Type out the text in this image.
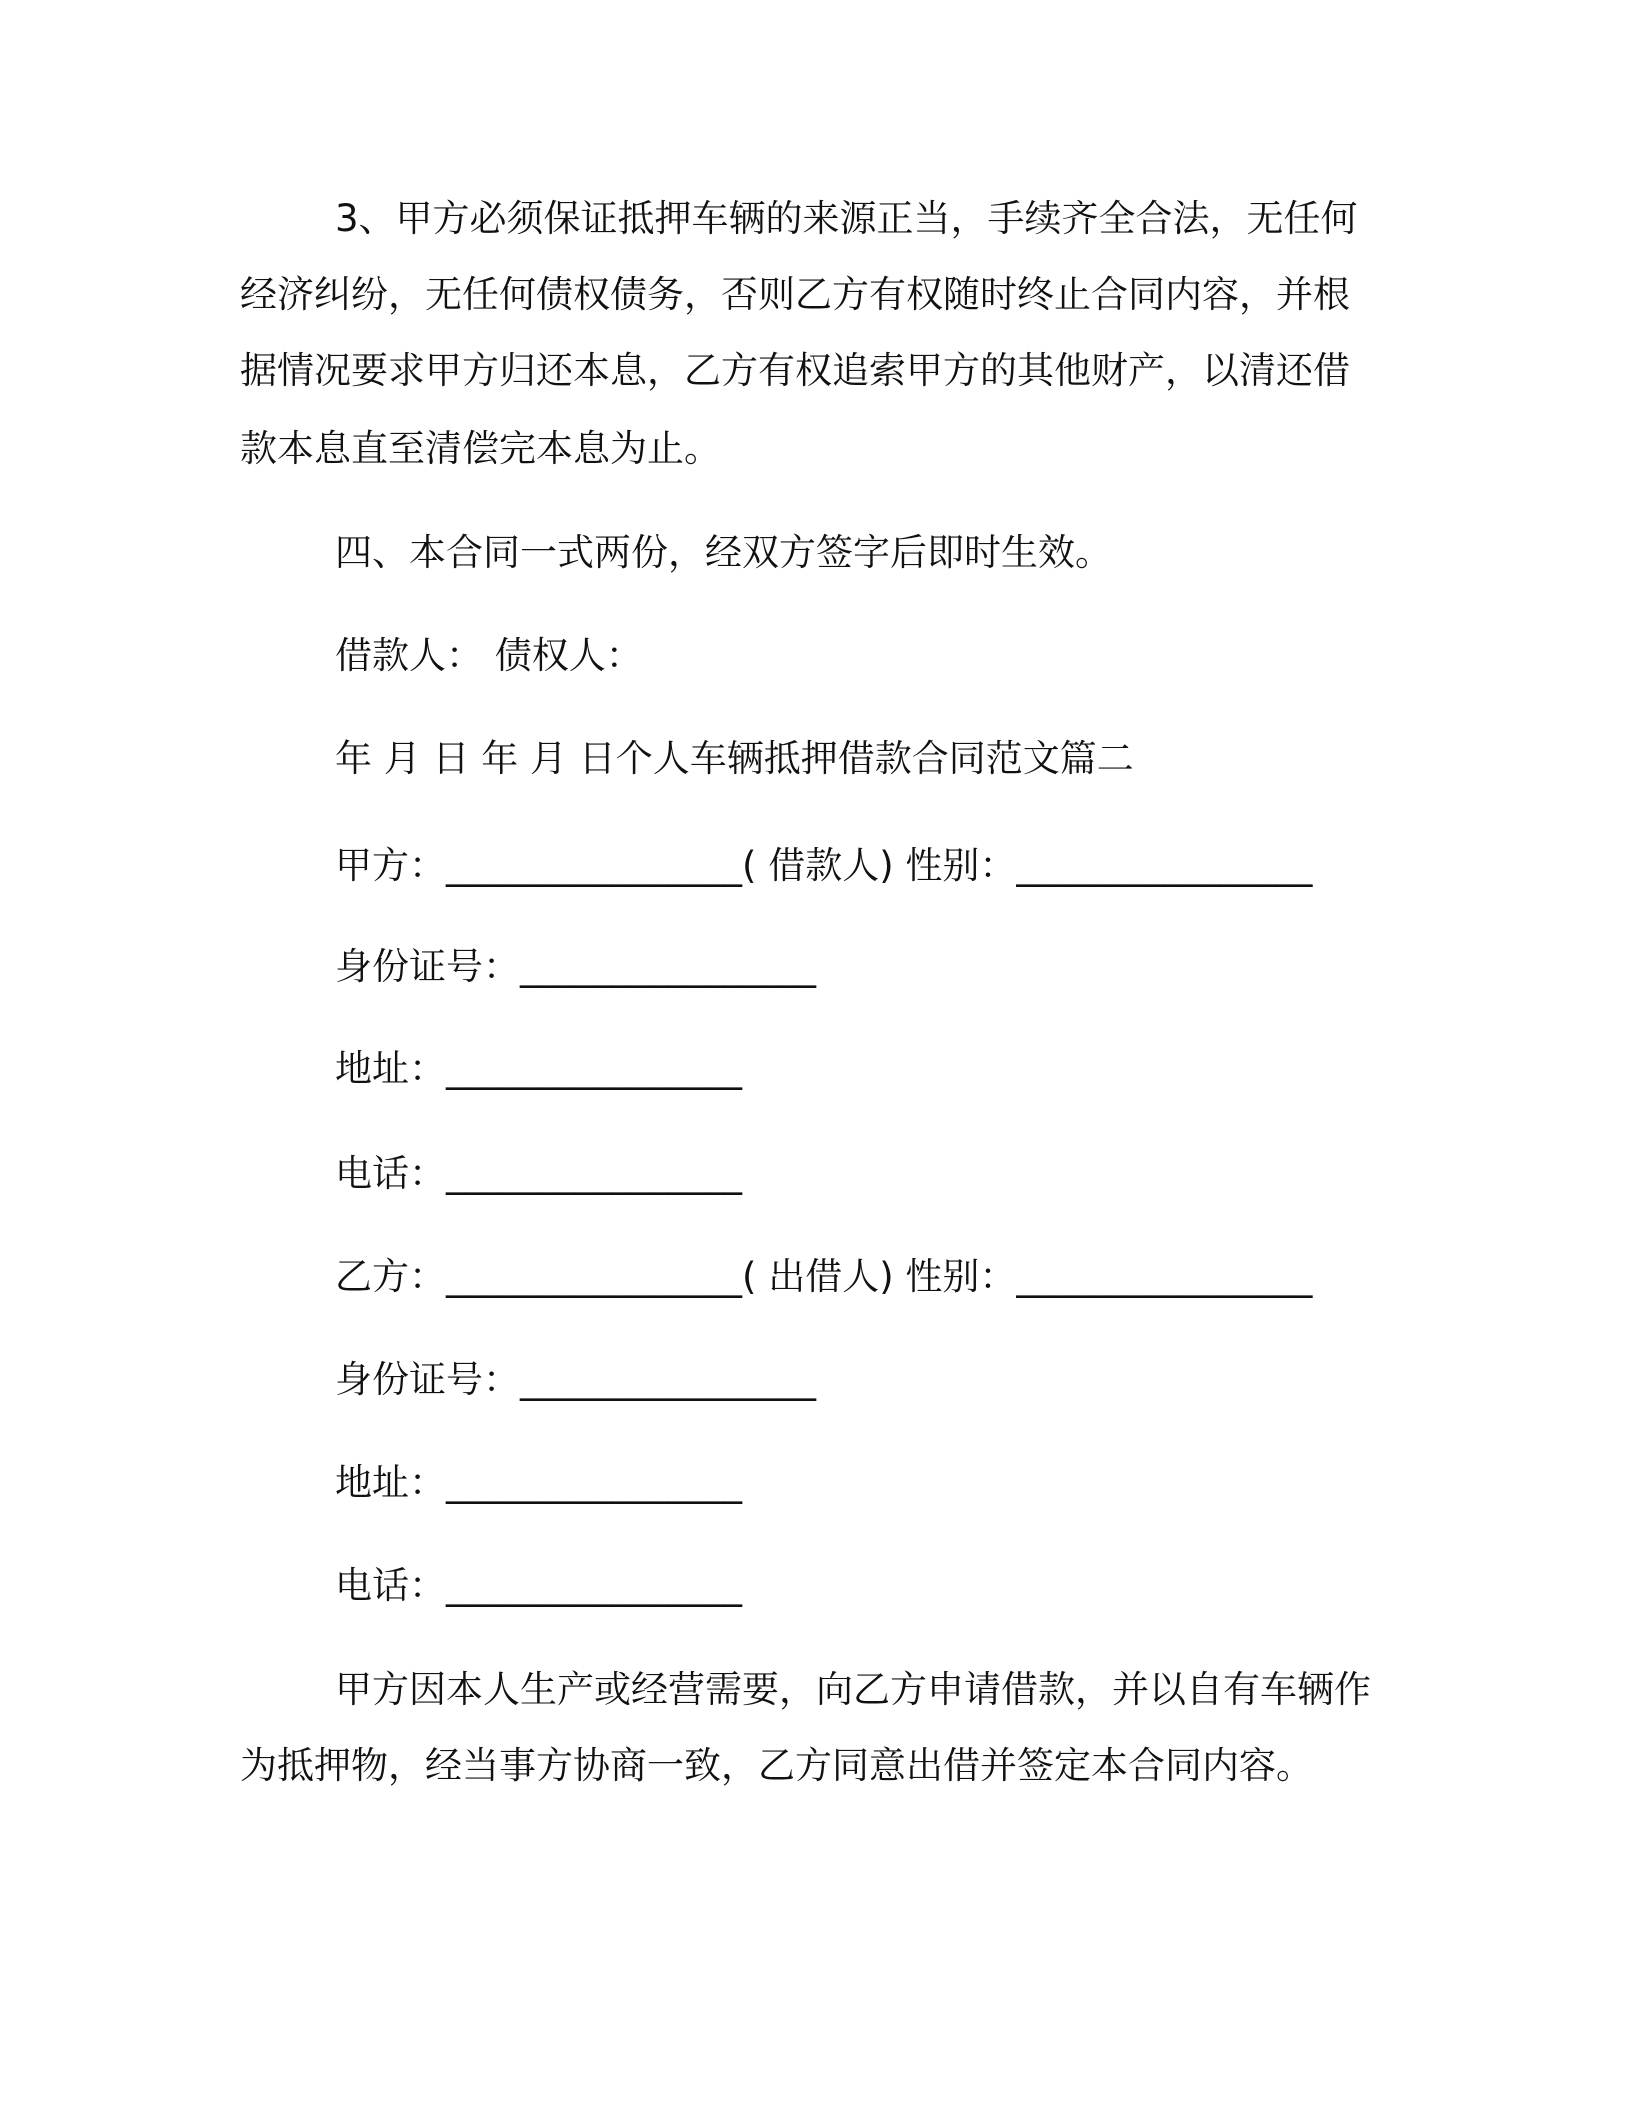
3、甲方必须保证抵押车辆的来源正当，手续齐全合法，无任何
经济纠纷，无任何债权债务，否则乙方有权随时终止合同内容，并根
据情况要求甲方归还本息，乙方有权追索甲方的其他财产，以清还借
款本息直至清偿完本息为止。
四、本合同一式两份，经双方签字后即时生效。
借款人： 债权人：
年 月 日 年 月 日个人车辆抵押借款合同范文篇二
甲方：________________( 借款人) 性别：________________
身份证号：________________
地址：________________
电话：________________
乙方：________________( 出借人) 性别：________________
身份证号：________________
地址：________________
电话：________________
甲方因本人生产或经营需要，向乙方申请借款，并以自有车辆作
为抵押物，经当事方协商一致，乙方同意出借并签定本合同内容。
